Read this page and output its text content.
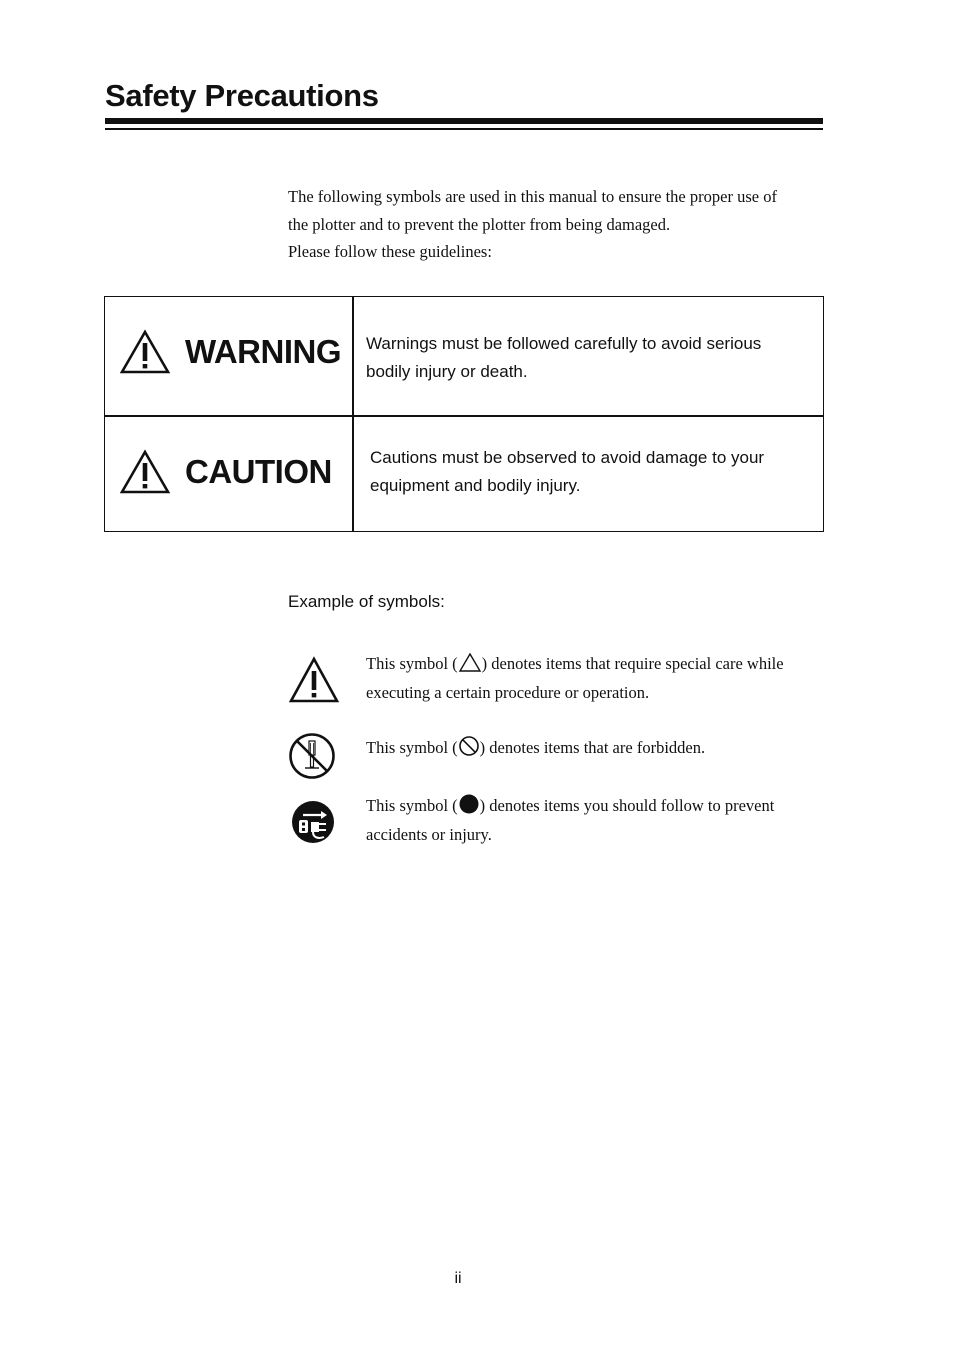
Safety Precautions

The following symbols are used in this manual to ensure the proper use of

the plotter and to prevent the plotter from being damaged.

Please follow these guidelines:

WARNING Warnings must be followed carefully to avoid serious
bodily injury or death.
CAUTION Cautions must be observed to avoid damage to your
equipment and bodily injury.
Example of symbols:
This symbol ( ) denotes items that require special care while
executing a certain procedure or operation.
This symbol ( ) denotes items that are forbidden.
This symbol ( ) denotes items you should follow to prevent
accidents or injury.
ii
